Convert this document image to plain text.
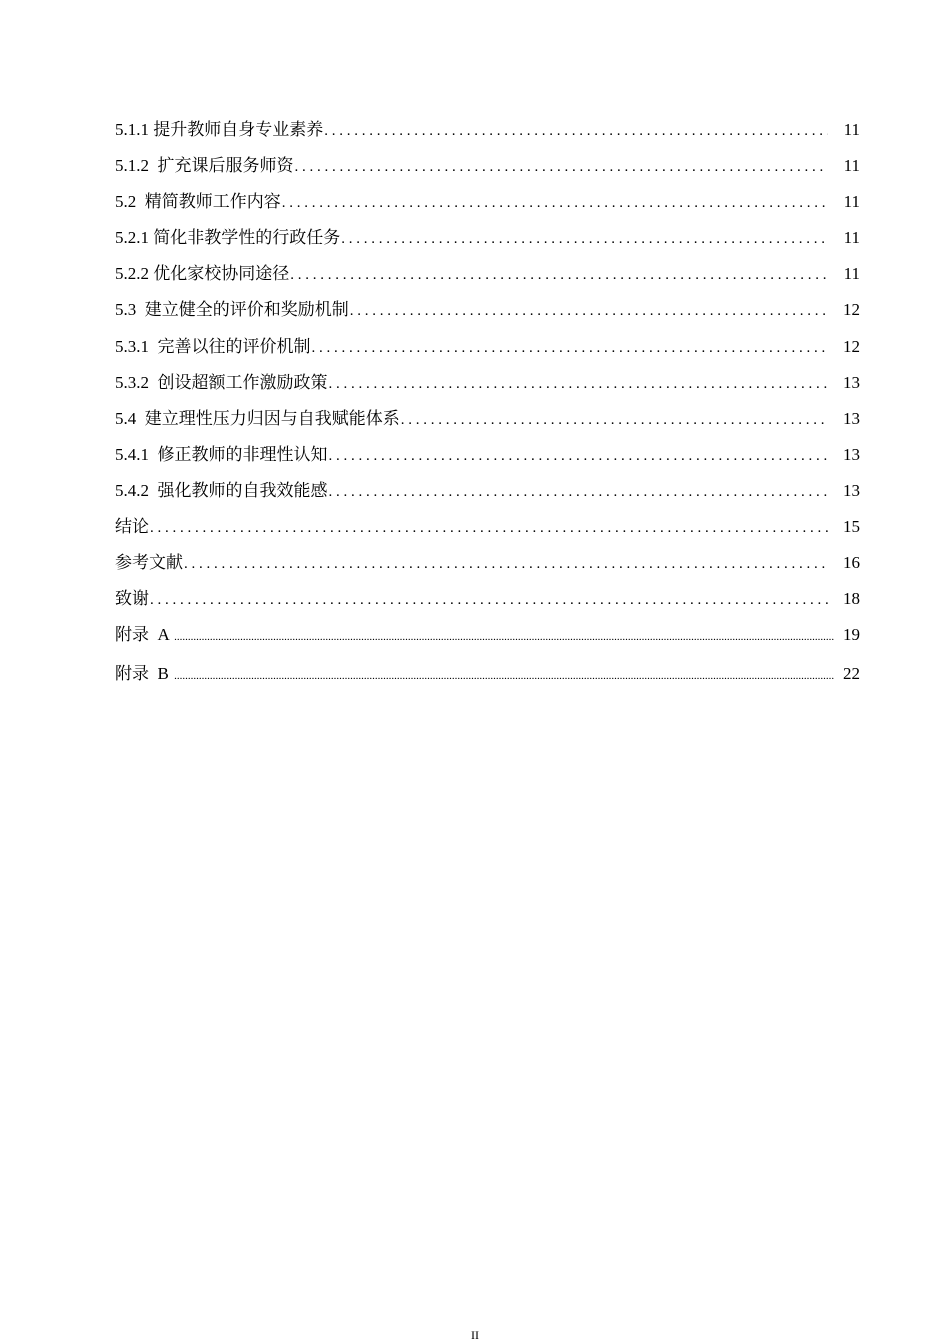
5.1.1 提升教师自身专业素养 . . .	11
5.1.2  扩充课后服务师资 . . .	11
5.2  精简教师工作内容 . . .	11
5.2.1 简化非教学性的行政任务 . . .	11
5.2.2 优化家校协同途径 . . .	11
5.3  建立健全的评价和奖励机制 . . .	12
5.3.1  完善以往的评价机制 . . .	12
5.3.2  创设超额工作激励政策 . . .	13
5.4  建立理性压力归因与自我赋能体系 . . .	13
5.4.1  修正教师的非理性认知 . . .	13
5.4.2  强化教师的自我效能感 . . .	13
结论 . . .	15
参考文献 . . .	16
致谢 . . .	18
附录  A .....	19
附录  B .....	22
II
